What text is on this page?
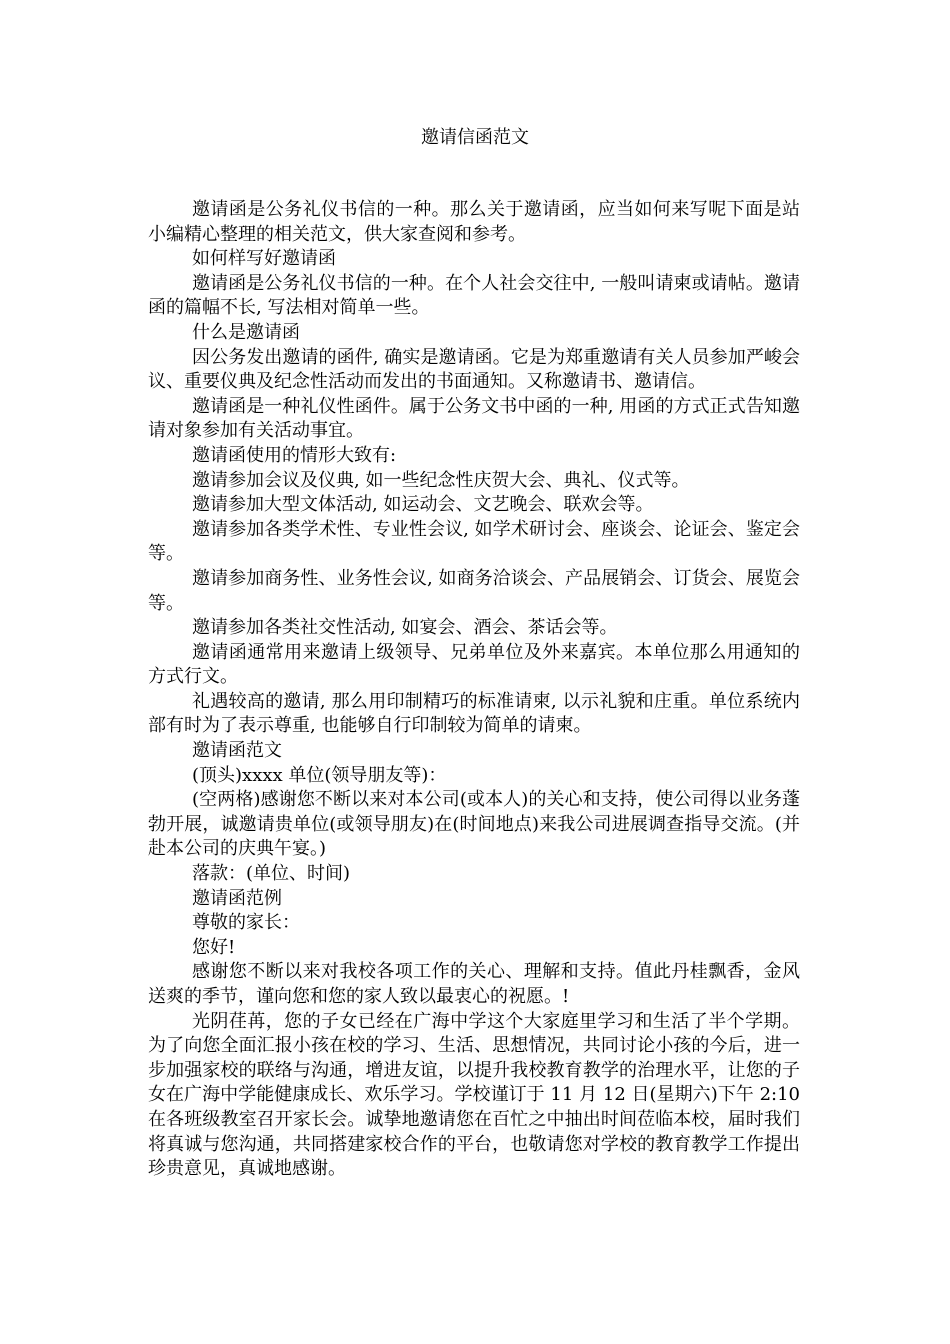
邀请信函范文

邀请函是公务礼仪书信的一种。那么关于邀请函，应当如何来写呢下面是站小编精心整理的相关范文，供大家查阅和参考。

如何样写好邀请函

邀请函是公务礼仪书信的一种。在个人社会交往中, 一般叫请柬或请帖。邀请函的篇幅不长, 写法相对简单一些。

什么是邀请函

因公务发出邀请的函件, 确实是邀请函。它是为郑重邀请有关人员参加严峻会议、重要仪典及纪念性活动而发出的书面通知。又称邀请书、邀请信。

邀请函是一种礼仪性函件。属于公务文书中函的一种, 用函的方式正式告知邀请对象参加有关活动事宜。

邀请函使用的情形大致有:

邀请参加会议及仪典, 如一些纪念性庆贺大会、典礼、仪式等。

邀请参加大型文体活动, 如运动会、文艺晚会、联欢会等。

邀请参加各类学术性、专业性会议, 如学术研讨会、座谈会、论证会、鉴定会等。

邀请参加商务性、业务性会议, 如商务洽谈会、产品展销会、订货会、展览会等。

邀请参加各类社交性活动, 如宴会、酒会、茶话会等。

邀请函通常用来邀请上级领导、兄弟单位及外来嘉宾。本单位那么用通知的方式行文。

礼遇较高的邀请, 那么用印制精巧的标准请柬, 以示礼貌和庄重。单位系统内部有时为了表示尊重, 也能够自行印制较为简单的请柬。

邀请函范文

(顶头)xxxx 单位(领导朋友等)：

(空两格)感谢您不断以来对本公司(或本人)的关心和支持，使公司得以业务蓬勃开展，诚邀请贵单位(或领导朋友)在(时间地点)来我公司进展调查指导交流。(并赴本公司的庆典午宴。)

落款：(单位、时间)

邀请函范例

尊敬的家长：

您好!

感谢您不断以来对我校各项工作的关心、理解和支持。值此丹桂飘香，金风送爽的季节，谨向您和您的家人致以最衷心的祝愿。!

光阴荏苒，您的子女已经在广海中学这个大家庭里学习和生活了半个学期。为了向您全面汇报小孩在校的学习、生活、思想情况，共同讨论小孩的今后，进一步加强家校的联络与沟通，增进友谊，以提升我校教育教学的治理水平，让您的子女在广海中学能健康成长、欢乐学习。学校谨订于 11 月 12 日(星期六)下午 2:10 在各班级教室召开家长会。诚挚地邀请您在百忙之中抽出时间莅临本校，届时我们将真诚与您沟通，共同搭建家校合作的平台，也敬请您对学校的教育教学工作提出珍贵意见，真诚地感谢。
